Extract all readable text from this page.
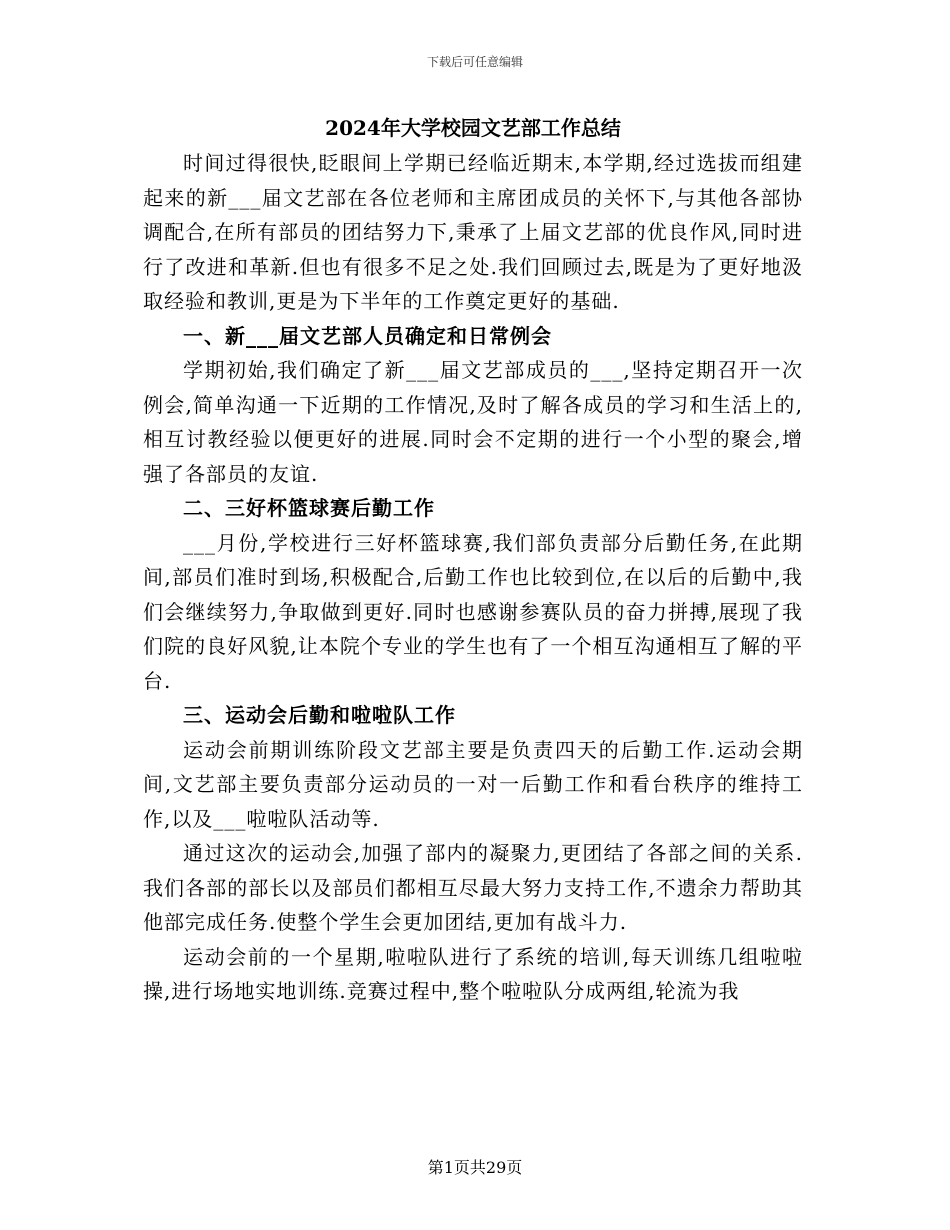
下载后可任意编辑
2024年大学校园文艺部工作总结

时间过得很快,眨眼间上学期已经临近期末,本学期,经过选拔而组建起来的新___届文艺部在各位老师和主席团成员的关怀下,与其他各部协调配合,在所有部员的团结努力下,秉承了上届文艺部的优良作风,同时进行了改进和革新.但也有很多不足之处.我们回顾过去,既是为了更好地汲取经验和教训,更是为下半年的工作奠定更好的基础.

一、新___届文艺部人员确定和日常例会

学期初始,我们确定了新___届文艺部成员的___,坚持定期召开一次例会,简单沟通一下近期的工作情况,及时了解各成员的学习和生活上的,相互讨教经验以便更好的进展.同时会不定期的进行一个小型的聚会,增强了各部员的友谊.

二、三好杯篮球赛后勤工作

___月份,学校进行三好杯篮球赛,我们部负责部分后勤任务,在此期间,部员们准时到场,积极配合,后勤工作也比较到位,在以后的后勤中,我们会继续努力,争取做到更好.同时也感谢参赛队员的奋力拼搏,展现了我们院的良好风貌,让本院个专业的学生也有了一个相互沟通相互了解的平台.

三、运动会后勤和啦啦队工作

运动会前期训练阶段文艺部主要是负责四天的后勤工作.运动会期间,文艺部主要负责部分运动员的一对一后勤工作和看台秩序的维持工作,以及___啦啦队活动等.

通过这次的运动会,加强了部内的凝聚力,更团结了各部之间的关系.我们各部的部长以及部员们都相互尽最大努力支持工作,不遗余力帮助其他部完成任务.使整个学生会更加团结,更加有战斗力.

运动会前的一个星期,啦啦队进行了系统的培训,每天训练几组啦啦操,进行场地实地训练.竞赛过程中,整个啦啦队分成两组,轮流为我

第1页共29页
